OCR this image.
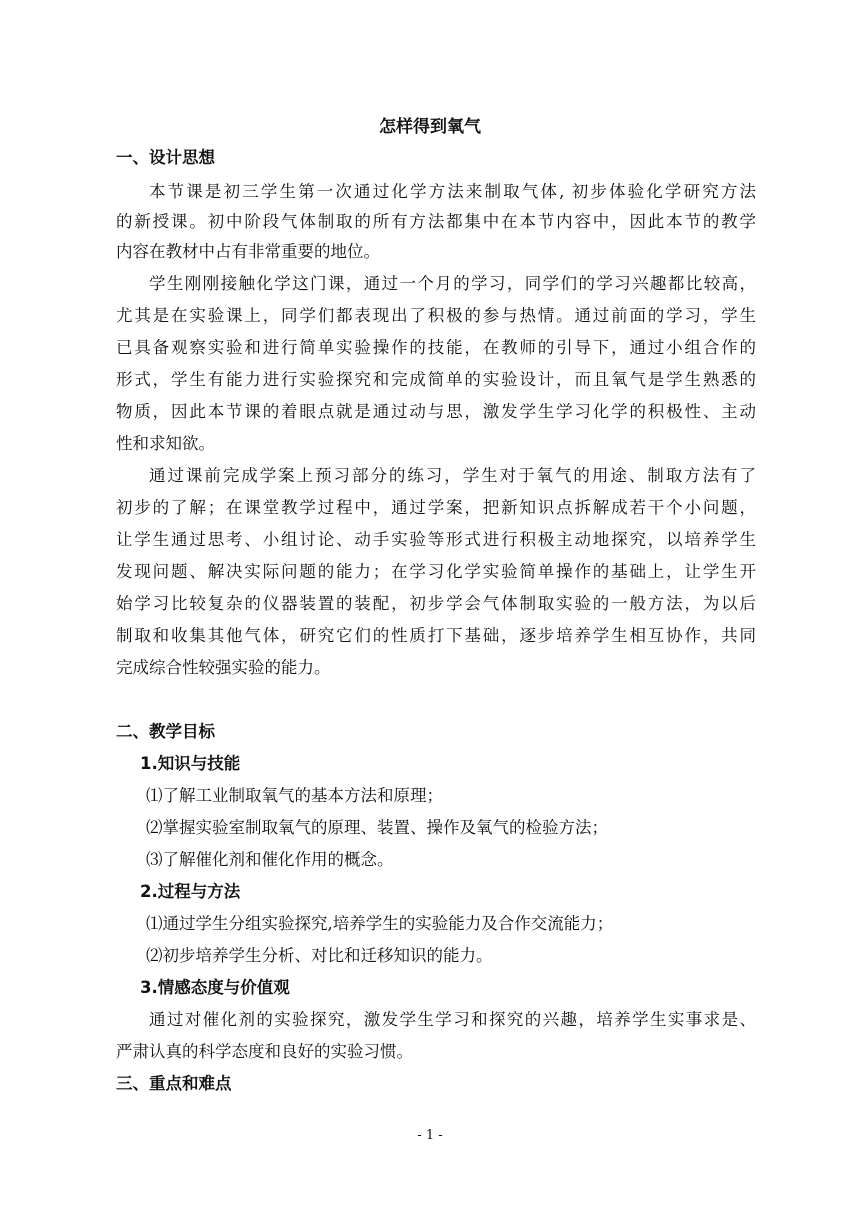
怎样得到氧气
一、设计思想
本节课是初三学生第一次通过化学方法来制取气体, 初步体验化学研究方法
的新授课。初中阶段气体制取的所有方法都集中在本节内容中，因此本节的教学
内容在教材中占有非常重要的地位。
学生刚刚接触化学这门课，通过一个月的学习，同学们的学习兴趣都比较高，
尤其是在实验课上，同学们都表现出了积极的参与热情。通过前面的学习，学生
已具备观察实验和进行简单实验操作的技能，在教师的引导下，通过小组合作的
形式，学生有能力进行实验探究和完成简单的实验设计，而且氧气是学生熟悉的
物质，因此本节课的着眼点就是通过动与思，激发学生学习化学的积极性、主动
性和求知欲。
通过课前完成学案上预习部分的练习，学生对于氧气的用途、制取方法有了
初步的了解；在课堂教学过程中，通过学案，把新知识点拆解成若干个小问题，
让学生通过思考、小组讨论、动手实验等形式进行积极主动地探究，以培养学生
发现问题、解决实际问题的能力；在学习化学实验简单操作的基础上，让学生开
始学习比较复杂的仪器装置的装配，初步学会气体制取实验的一般方法，为以后
制取和收集其他气体，研究它们的性质打下基础，逐步培养学生相互协作，共同
完成综合性较强实验的能力。
二、教学目标
1.知识与技能
⑴了解工业制取氧气的基本方法和原理；
⑵掌握实验室制取氧气的原理、装置、操作及氧气的检验方法；
⑶了解催化剂和催化作用的概念。
2.过程与方法
⑴通过学生分组实验探究,培养学生的实验能力及合作交流能力；
⑵初步培养学生分析、对比和迁移知识的能力。
3.情感态度与价值观
通过对催化剂的实验探究，激发学生学习和探究的兴趣，培养学生实事求是、
严肃认真的科学态度和良好的实验习惯。
三、重点和难点
- 1 -
